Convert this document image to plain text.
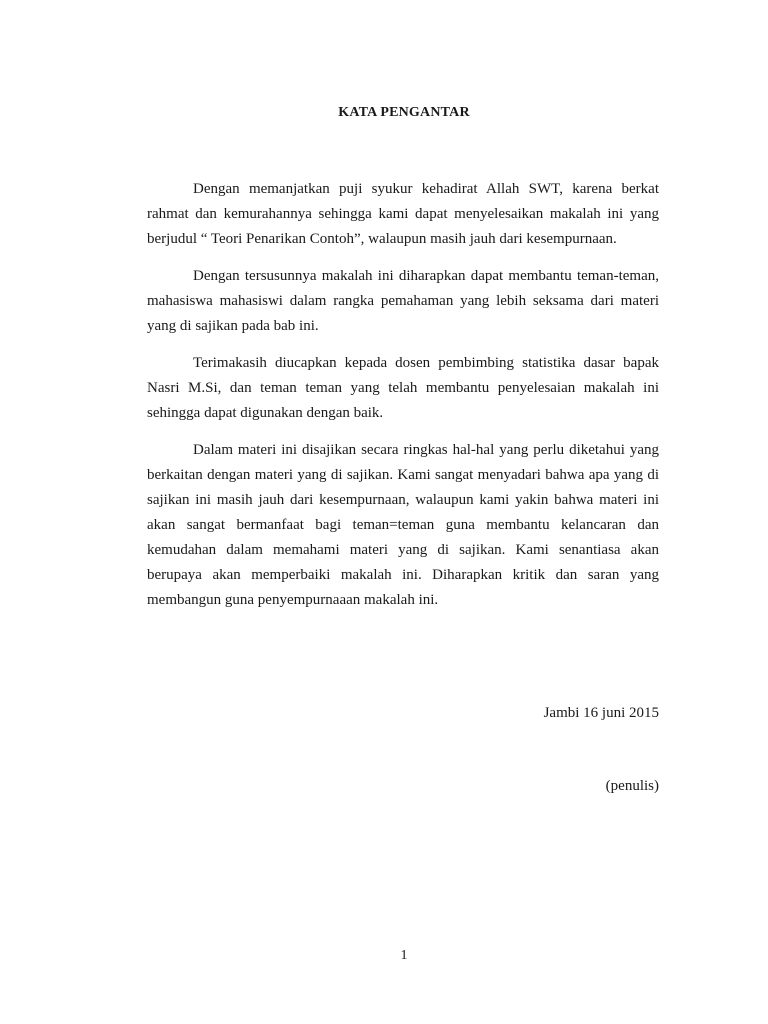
KATA PENGANTAR

Dengan memanjatkan puji syukur kehadirat Allah SWT, karena berkat rahmat dan kemurahannya sehingga kami dapat menyelesaikan makalah ini yang berjudul “ Teori Penarikan Contoh”, walaupun masih jauh dari kesempurnaan.

Dengan tersusunnya makalah ini diharapkan dapat membantu teman-teman, mahasiswa mahasiswi dalam rangka pemahaman yang lebih seksama dari materi yang di sajikan pada bab ini.

Terimakasih diucapkan kepada dosen pembimbing statistika dasar bapak Nasri M.Si, dan teman teman yang telah membantu penyelesaian makalah ini sehingga dapat digunakan dengan baik.

Dalam materi ini disajikan secara ringkas hal-hal yang perlu diketahui yang berkaitan dengan materi yang di sajikan. Kami sangat menyadari bahwa apa yang di sajikan ini masih jauh dari kesempurnaan, walaupun kami yakin bahwa materi ini akan sangat bermanfaat bagi teman=teman guna membantu kelancaran dan kemudahan dalam memahami materi yang di sajikan. Kami senantiasa akan berupaya akan memperbaiki makalah ini. Diharapkan kritik dan saran yang membangun guna penyempurnaaan makalah ini.

Jambi 16 juni 2015
(penulis)
1
